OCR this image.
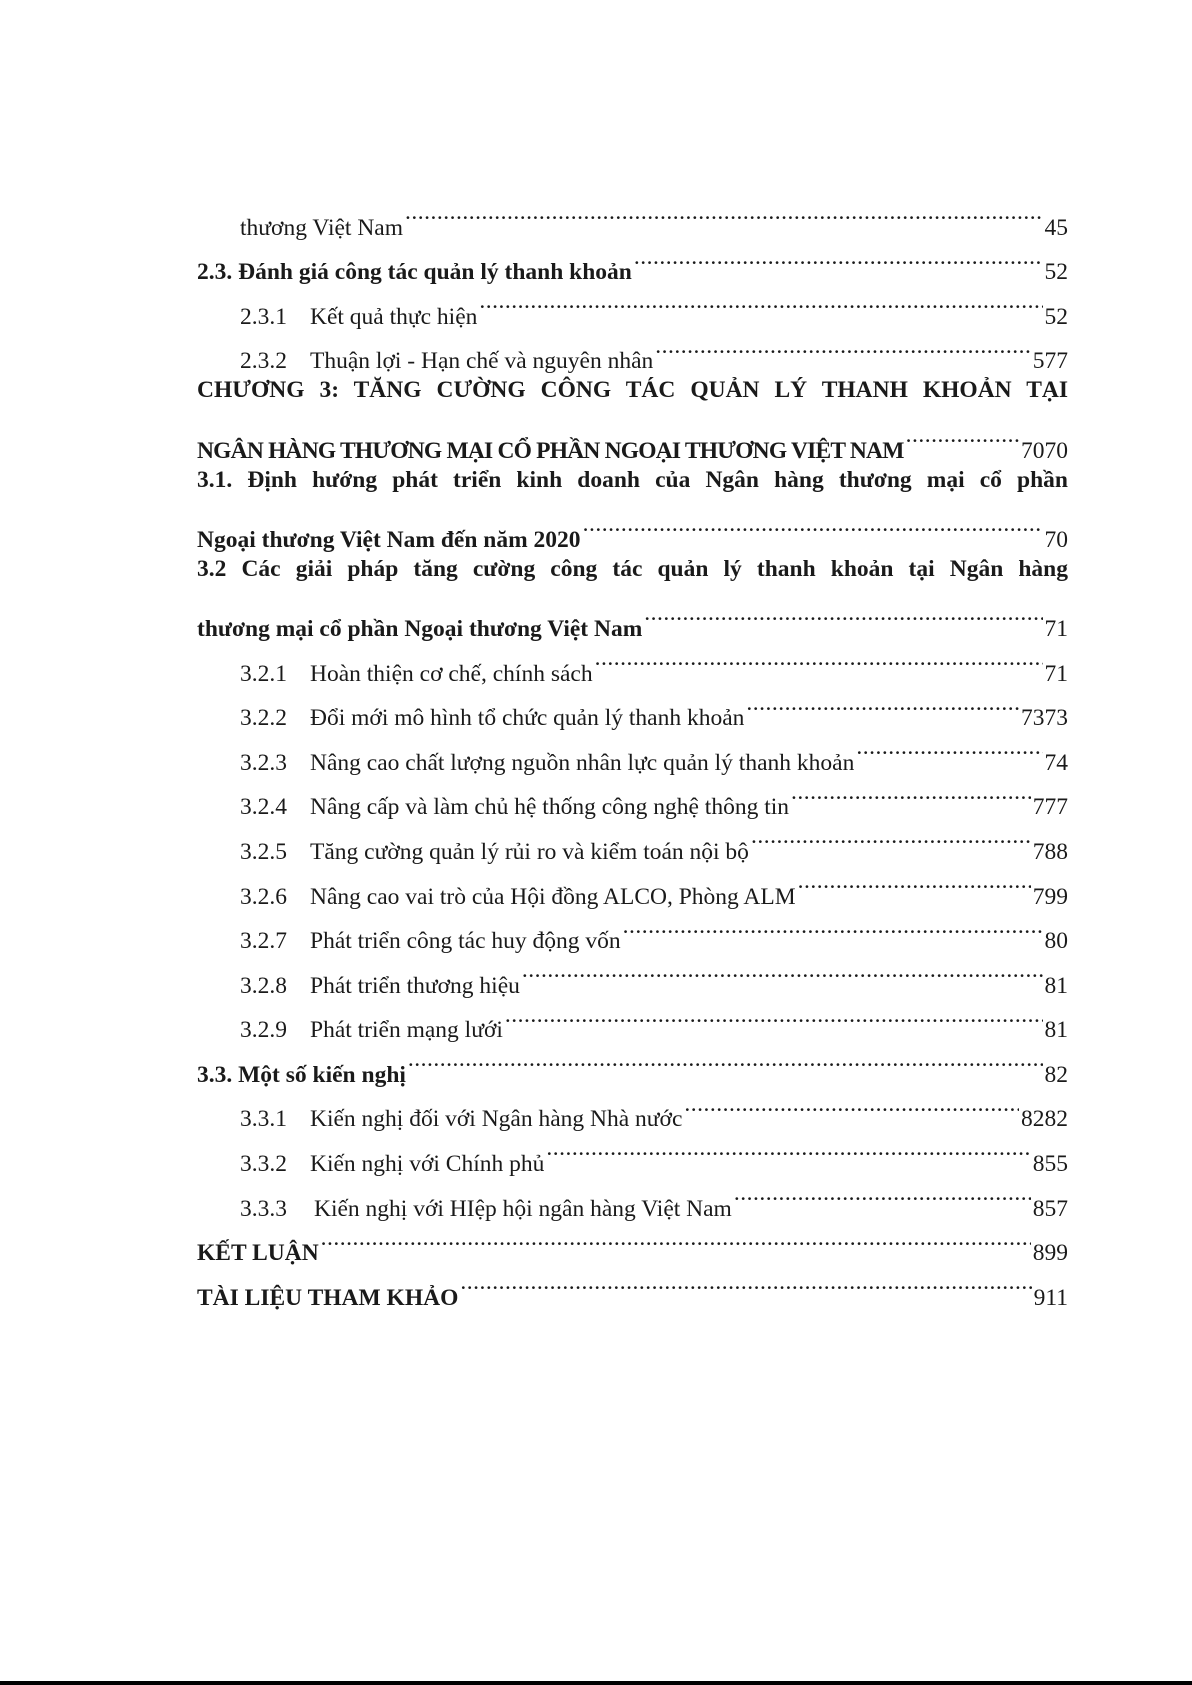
thương Việt Nam .....	45
2.3. Đánh giá công tác quản lý thanh khoản .....	52
2.3.1 Kết quả thực hiện .....	52
2.3.2 Thuận lợi - Hạn chế và nguyên nhân .....	577
CHƯƠNG 3: TĂNG CƯỜNG CÔNG TÁC QUẢN LÝ THANH KHOẢN TẠI
NGÂN HÀNG THƯƠNG MẠI CỔ PHẦN NGOẠI THƯƠNG VIỆT NAM .....	7070
3.1. Định hướng phát triển kinh doanh của Ngân hàng thương mại cổ phần
Ngoại thương Việt Nam đến năm 2020 .....	70
3.2 Các giải pháp tăng cường công tác quản lý thanh khoản tại Ngân hàng
thương mại cổ phần Ngoại thương Việt Nam .....	71
3.2.1 Hoàn thiện cơ chế, chính sách .....	71
3.2.2 Đổi mới mô hình tổ chức quản lý thanh khoản .....	7373
3.2.3 Nâng cao chất lượng nguồn nhân lực quản lý thanh khoản .....	74
3.2.4 Nâng cấp và làm chủ hệ thống công nghệ thông tin .....	777
3.2.5 Tăng cường quản lý rủi ro và kiểm toán nội bộ .....	788
3.2.6 Nâng cao vai trò của Hội đồng ALCO, Phòng ALM .....	799
3.2.7 Phát triển công tác huy động vốn .....	80
3.2.8 Phát triển thương hiệu .....	81
3.2.9 Phát triển mạng lưới .....	81
3.3. Một số kiến nghị .....	82
3.3.1 Kiến nghị đối với Ngân hàng Nhà nước .....	8282
3.3.2 Kiến nghị với Chính phủ .....	855
3.3.3	Kiến nghị với HIệp hội ngân hàng Việt Nam .....	857
KẾT LUẬN .....	899
TÀI LIỆU THAM KHẢO .....	911
